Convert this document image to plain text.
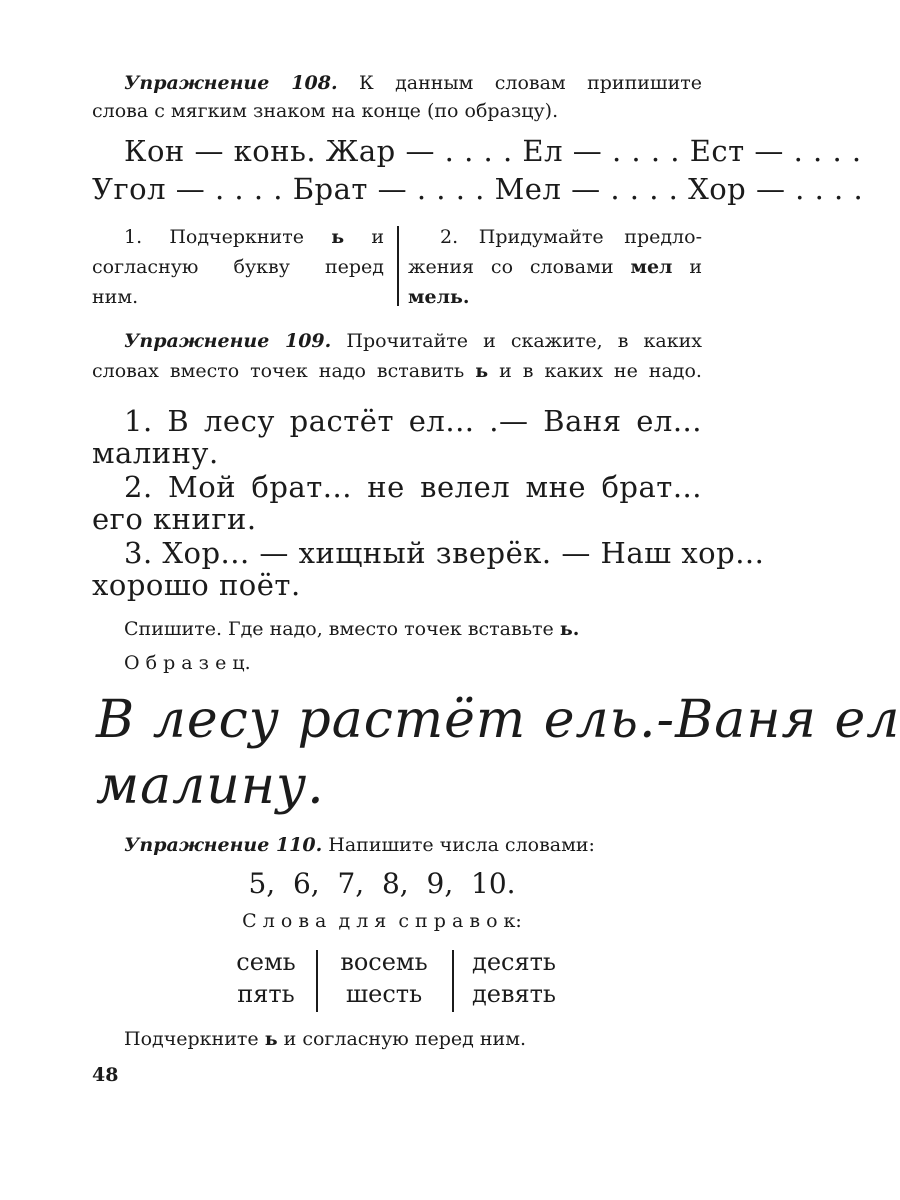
Упражнение 108. К данным словам припишите
слова с мягким знаком на конце (по образцу).
Кон — конь. Жар — . . . . Ел — . . . . Ест — . . . .
Угол — . . . . Брат — . . . . Мел — . . . . Хор — . . . .
1. Подчеркните ь и
согласную букву перед
ним.
2. Придумайте предло-
жения со словами мел и
мель.
Упражнение 109. Прочитайте и скажите, в каких
словах вместо точек надо вставить ь и в каких не надо.
1. В лесу растёт ел... .— Ваня ел...
малину.
2. Мой брат... не велел мне брат...
его книги.
3. Хор... — хищный зверёк. — Наш хор...
хорошо поёт.
Спишите. Где надо, вместо точек вставьте ь.
О б р а з е ц.
В лесу растёт ель.-Ваня ел
малину.
Упражнение 110. Напишите числа словами:
5,  6,  7,  8,  9,  10.
С л о в а  д л я  с п р а в о к:
семь
пять
восемь
шесть
десять
девять
Подчеркните ь и согласную перед ним.
48
